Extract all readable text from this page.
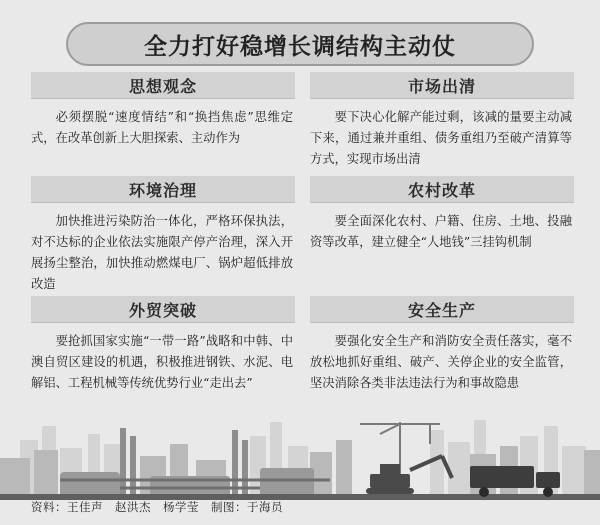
全力打好稳增长调结构主动仗
思想观念
必须摆脱“速度情结”和“换挡焦虑”思维定式，在改革创新上大胆探索、主动作为
市场出清
要下决心化解产能过剩，该减的量要主动减下来，通过兼并重组、债务重组乃至破产清算等方式，实现市场出清
环境治理
加快推进污染防治一体化，严格环保执法，对不达标的企业依法实施限产停产治理，深入开展扬尘整治，加快推动燃煤电厂、锅炉超低排放改造
农村改革
要全面深化农村、户籍、住房、土地、投融资等改革，建立健全“人地钱”三挂钩机制
外贸突破
要抢抓国家实施“一带一路”战略和中韩、中澳自贸区建设的机遇，积极推进钢铁、水泥、电解铝、工程机械等传统优势行业“走出去”
安全生产
要强化安全生产和消防安全责任落实，毫不放松地抓好重组、破产、关停企业的安全监管，坚决消除各类非法违法行为和事故隐患
资料：王佳声　赵洪杰　杨学莹　制图：于海员
